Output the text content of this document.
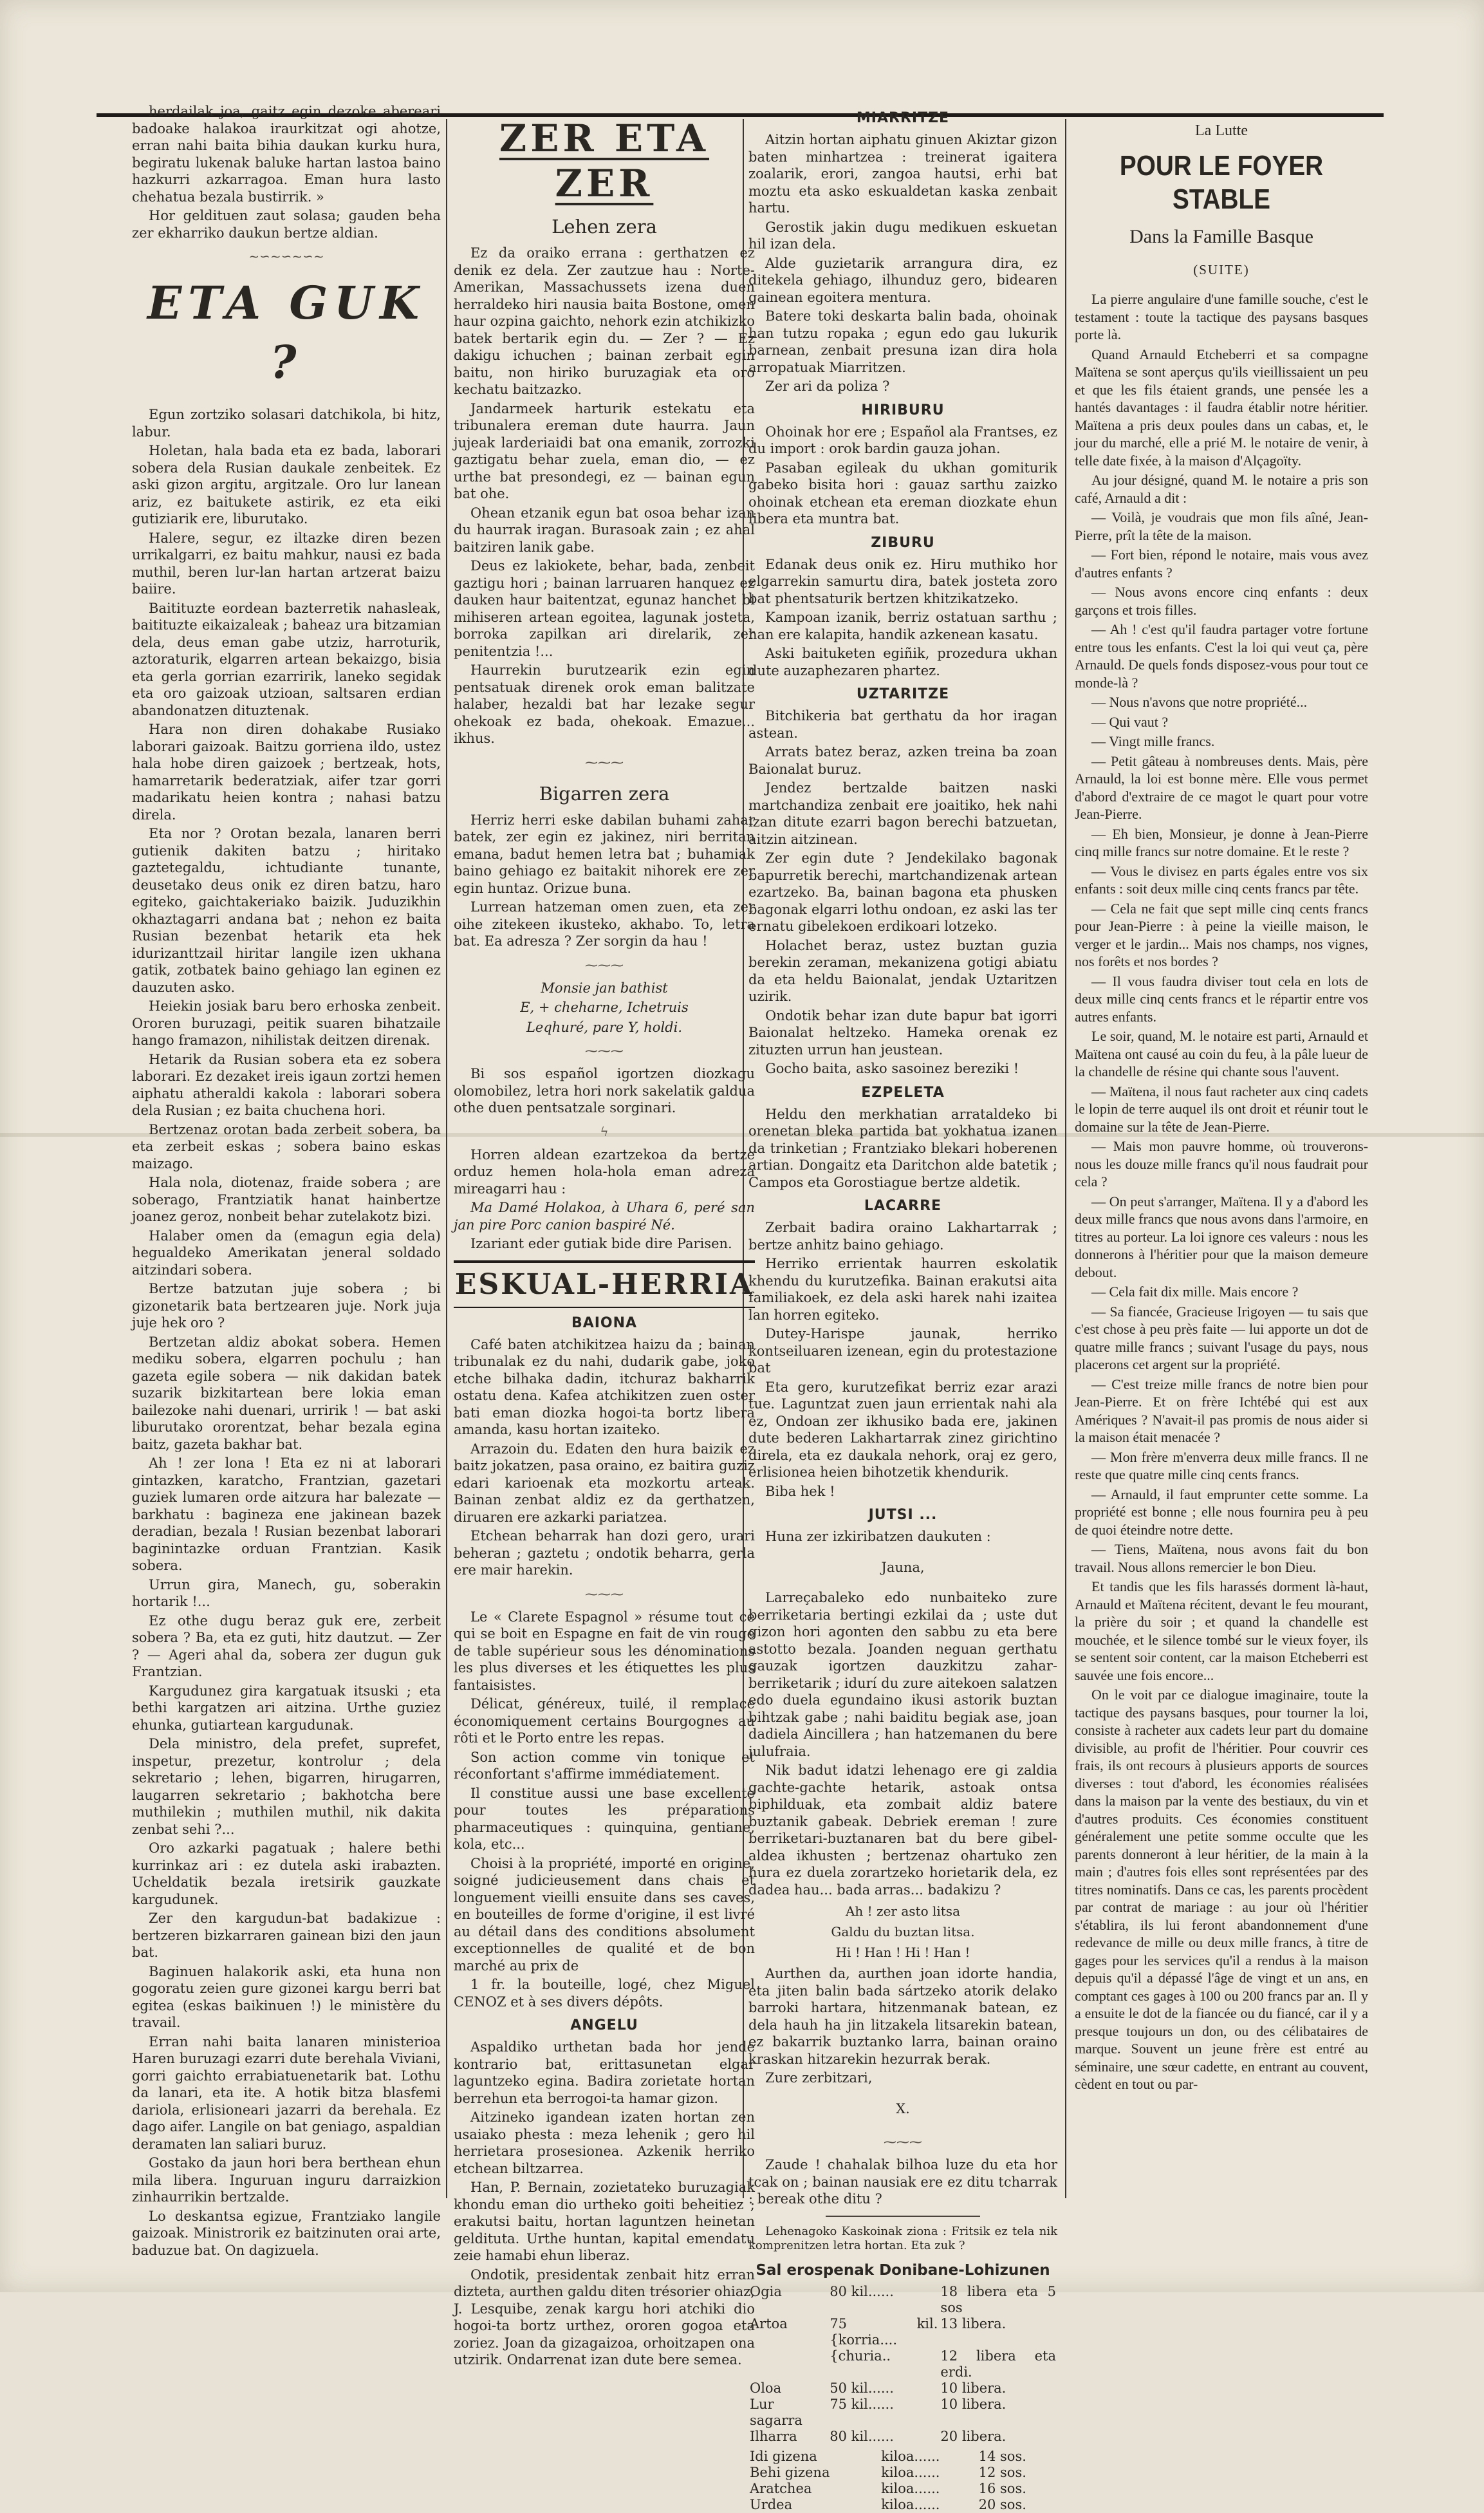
herdailak joa, gaitz egin dezoke abereari badoake halakoa iraurkitzat ogi ahotze, erran nahi baita bihia daukan kurku hura, begiratu lukenak baluke hartan lastoa baino hazkurri azkarragoa. Eman hura lasto chehatua bezala bustirrik. »

Hor geldituen zaut solasa; gauden beha zer ekharriko daukun bertze aldian.

~∽~∽~∽~
ETA GUK ?

Egun zortziko solasari datchikola, bi hitz, labur.

Holetan, hala bada eta ez bada, laborari sobera dela Rusian daukale zenbeitek. Ez aski gizon argitu, argitzale. Oro lur lanean ariz, ez baitukete astirik, ez eta eiki gutiziarik ere, liburutako.

Halere, segur, ez iltazke diren bezen urrikalgarri, ez baitu mahkur, nausi ez bada muthil, beren lur-lan hartan artzerat baizu baiire.

Baitituzte eordean bazterretik nahasleak, baitituzte eikaizaleak ; baheaz ura bitzamian dela, deus eman gabe utziz, harroturik, aztoraturik, elgarren artean bekaizgo, bisia eta gerla gorrian ezarririk, laneko segidak eta oro gaizoak utzioan, saltsaren erdian abandonatzen dituztenak.

Hara non diren dohakabe Rusiako laborari gaizoak. Baitzu gorriena ildo, ustez hala hobe diren gaizoek ; bertzeak, hots, hamarretarik bederatziak, aifer tzar gorri madarikatu heien kontra ; nahasi batzu direla.

Eta nor ? Orotan bezala, lanaren berri gutienik dakiten batzu ; hiritako gaztetegaldu, ichtudiante tunante, deusetako deus onik ez diren batzu, haro egiteko, gaichtakeriako baizik. Juduzikhin okhaztagarri andana bat ; nehon ez baita Rusian bezenbat hetarik eta hek idurizanttzail hiritar langile izen ukhana gatik, zotbatek baino gehiago lan eginen ez dauzuten asko.

Heiekin josiak baru bero erhoska zenbeit. Ororen buruzagi, peitik suaren bihatzaile hango framazon, nihilistak deitzen direnak.

Hetarik da Rusian sobera eta ez sobera laborari. Ez dezaket ireis igaun zortzi hemen aiphatu atheraldi kakola : laborari sobera dela Rusian ; ez baita chuchena hori.

Bertzenaz orotan bada zerbeit sobera, ba eta zerbeit eskas ; sobera baino eskas maizago.

Hala nola, diotenaz, fraide sobera ; are soberago, Frantziatik hanat hainbertze joanez geroz, nonbeit behar zutelakotz bizi.

Halaber omen da (emagun egia dela) hegualdeko Amerikatan jeneral soldado aitzindari sobera.

Bertze batzutan juje sobera ; bi gizonetarik bata bertzearen juje. Nork juja juje hek oro ?

Bertzetan aldiz abokat sobera. Hemen mediku sobera, elgarren pochulu ; han gazeta egile sobera — nik dakidan batek suzarik bizkitartean bere lokia eman bailezoke nahi duenari, urririk ! — bat aski liburutako ororentzat, behar bezala egina baitz, gazeta bakhar bat.

Ah ! zer lona ! Eta ez ni at laborari gintazken, karatcho, Frantzian, gazetari guziek lumaren orde aitzura har balezate — barkhatu : bagineza ene jakinean bazek deradian, bezala ! Rusian bezenbat laborari baginintazke orduan Frantzian. Kasik sobera.

Urrun gira, Manech, gu, soberakin hortarik !...

Ez othe dugu beraz guk ere, zerbeit sobera ? Ba, eta ez guti, hitz dautzut. — Zer ? — Ageri ahal da, sobera zer dugun guk Frantzian.

Kargudunez gira kargatuak itsuski ; eta bethi kargatzen ari aitzina. Urthe guziez ehunka, gutiartean kargudunak.

Dela ministro, dela prefet, suprefet, inspetur, prezetur, kontrolur ; dela sekretario ; lehen, bigarren, hirugarren, laugarren sekretario ; bakhotcha bere muthilekin ; muthilen muthil, nik dakita zenbat sehi ?...

Oro azkarki pagatuak ; halere bethi kurrinkaz ari : ez dutela aski irabazten. Ucheldatik bezala iretsirik gauzkate kargudunek.

Zer den kargudun-bat badakizue : bertzeren bizkarraren gainean bizi den jaun bat.

Baginuen halakorik aski, eta huna non gogoratu zeien gure gizonei kargu berri bat egitea (eskas baikinuen !) le ministère du travail.

Erran nahi baita lanaren ministerioa Haren buruzagi ezarri dute berehala Viviani, gorri gaichto errabiatuenetarik bat. Lothu da lanari, eta ite. A hotik bitza blasfemi dariola, erlisioneari jazarri da berehala. Ez dago aifer. Langile on bat geniago, aspaldian deramaten lan saliari buruz.

Gostako da jaun hori bera berthean ehun mila libera. Inguruan inguru darraizkion zinhaurrikin bertzalde.

Lo deskantsa egizue, Frantziako langile gaizoak. Ministrorik ez baitzinuten orai arte, baduzue bat. On dagizuela.

ZER ETA ZER
Lehen zera

Ez da oraiko errana : gerthatzen ez denik ez dela. Zer zautzue hau : Norte-Amerikan, Massachussets izena duen herraldeko hiri nausia baita Bostone, omen haur ozpina gaichto, nehork ezin atchikizko batek bertarik egin du. — Zer ? — Ez dakigu ichuchen ; bainan zerbait egin baitu, non hiriko buruzagiak eta oro kechatu baitzazko.

Jandarmeek harturik estekatu eta tribunalera ereman dute haurra. Jaun jujeak larderiaidi bat ona emanik, zorrozki gaztigatu behar zuela, eman dio, — ez urthe bat presondegi, ez — bainan egun bat ohe.

Ohean etzanik egun bat osoa behar izan du haurrak iragan. Burasoak zain ; ez ahal baitziren lanik gabe.

Deus ez lakiokete, behar, bada, zenbeit gaztigu hori ; bainan larruaren hanquez ez dauken haur baitentzat, egunaz hanchet bi mihiseren artean egoitea, lagunak josteta, borroka zapilkan ari direlarik, zer penitentzia !...

Haurrekin burutzearik ezin egin pentsatuak direnek orok eman balitzate halaber, hezaldi bat har lezake segur ohekoak ez bada, ohekoak. Emazue... ikhus.

⁓⁓⁓
Bigarren zera

Herriz herri eske dabilan buhami zahar batek, zer egin ez jakinez, niri berritan emana, badut hemen letra bat ; buhamiak baino gehiago ez baitakit nihorek ere zer egin huntaz. Orizue buna.

Lurrean hatzeman omen zuen, eta zer oihe zitekeen ikusteko, akhabo. To, letra bat. Ea adresza ? Zer sorgin da hau !

⁓⁓⁓

Monsie jan bathist

E, + cheharne, Ichetruis

Leqhuré, pare Y, holdi.

⁓⁓⁓

Bi sos español igortzen diozkagu olomobilez, letra hori nork sakelatik galdua othe duen pentsatzale sorginari.

ϟ

Horren aldean ezartzekoa da bertze orduz hemen hola-hola eman adreza mireagarri hau :

Ma Damé Holakoa, à Uhara 6, peré san jan pire Porc canion baspiré Né.

Izariant eder gutiak bide dire Parisen.

ESKUAL-HERRIA
BAIONA

Café baten atchikitzea haizu da ; bainan tribunalak ez du nahi, dudarik gabe, joko etche bilhaka dadin, itchuraz bakharrik ostatu dena. Kafea atchikitzen zuen oster bati eman diozka hogoi-ta bortz libera amanda, kasu hortan izaiteko.

Arrazoin du. Edaten den hura baizik ez baitz jokatzen, pasa oraino, ez baitira guziz edari karioenak eta mozkortu arteak. Bainan zenbat aldiz ez da gerthatzen, diruaren ere azkarki pariatzea.

Etchean beharrak han dozi gero, urari beheran ; gaztetu ; ondotik beharra, gerla ere mair harekin.

⁓⁓⁓

Le « Clarete Espagnol » résume tout ce qui se boit en Espagne en fait de vin rouge de table supérieur sous les dénominations les plus diverses et les étiquettes les plus fantaisistes.

Délicat, généreux, tuilé, il remplace économiquement certains Bourgognes au rôti et le Porto entre les repas.

Son action comme vin tonique et réconfortant s'affirme immédiatement.

Il constitue aussi une base excellente pour toutes les préparations pharmaceutiques : quinquina, gentiane, kola, etc...

Choisi à la propriété, importé en origine, soigné judicieusement dans chais et longuement vieilli ensuite dans ses caves, en bouteilles de forme d'origine, il est livré au détail dans des conditions absolument exceptionnelles de qualité et de bon marché au prix de

1 fr. la bouteille, logé, chez Miguel CENOZ et à ses divers dépôts.

ANGELU

Aspaldiko urthetan bada hor jende kontrario bat, erittasunetan elgar laguntzeko egina. Badira zorietate hortan berrehun eta berrogoi-ta hamar gizon.

Aitzineko igandean izaten hortan zen usaiako phesta : meza lehenik ; gero hil herrietara prosesionea. Azkenik herriko etchean biltzarrea.

Han, P. Bernain, zozietateko buruzagiak khondu eman dio urtheko goiti beheitiez ; erakutsi baitu, hortan laguntzen heinetan geldituta. Urthe huntan, kapital emendatu zeie hamabi ehun liberaz.

Ondotik, presidentak zenbait hitz erran dizteta, aurthen galdu diten trésorier ohiaz, J. Lesquibe, zenak kargu hori atchiki dio hogoi-ta bortz urthez, ororen gogoa eta zoriez. Joan da gizagaizoa, orhoitzapen ona utzirik. Ondarrenat izan dute bere semea.

MIARRITZE

Aitzin hortan aiphatu ginuen Akiztar gizon baten minhartzea : treinerat igaitera zoalarik, erori, zangoa hautsi, erhi bat moztu eta asko eskualdetan kaska zenbait hartu.

Gerostik jakin dugu medikuen eskuetan hil izan dela.

Alde guzietarik arrangura dira, ez ditekela gehiago, ilhunduz gero, bidearen gainean egoitera mentura.

Batere toki deskarta balin bada, ohoinak han tutzu ropaka ; egun edo gau lukurik barnean, zenbait presuna izan dira hola arropatuak Miarritzen.

Zer ari da poliza ?

HIRIBURU

Ohoinak hor ere ; Español ala Frantses, ez du import : orok bardin gauza johan.

Pasaban egileak du ukhan gomiturik gabeko bisita hori : gauaz sarthu zaizko ohoinak etchean eta ereman diozkate ehun libera eta muntra bat.

ZIBURU

Edanak deus onik ez. Hiru muthiko hor elgarrekin samurtu dira, batek josteta zoro bat phentsaturik bertzen khitzikatzeko.

Kampoan izanik, berriz ostatuan sarthu ; han ere kalapita, handik azkenean kasatu.

Aski baituketen egiñik, prozedura ukhan dute auzaphezaren phartez.

UZTARITZE

Bitchikeria bat gerthatu da hor iragan astean.

Arrats batez beraz, azken treina ba zoan Baionalat buruz.

Jendez bertzalde baitzen naski martchandiza zenbait ere joaitiko, hek nahi izan ditute ezarri bagon berechi batzuetan, aitzin aitzinean.

Zer egin dute ? Jendekilako bagonak bapurretik berechi, martchandizenak artean ezartzeko. Ba, bainan bagona eta phusken bagonak elgarri lothu ondoan, ez aski las ter ernatu gibelekoen erdikoari lotzeko.

Holachet beraz, ustez buztan guzia berekin zeraman, mekanizena gotigi abiatu da eta heldu Baionalat, jendak Uztaritzen uzirik.

Ondotik behar izan dute bapur bat igorri Baionalat heltzeko. Hameka orenak ez zituzten urrun han jeustean.

Gocho baita, asko sasoinez bereziki !

EZPELETA

Heldu den merkhatian arrataldeko bi orenetan bleka partida bat yokhatua izanen da trinketian ; Frantziako blekari hoberenen artian. Dongaitz eta Daritchon alde batetik ; Campos eta Gorostiague bertze aldetik.

LACARRE

Zerbait badira oraino Lakhartarrak ; bertze anhitz baino gehiago.

Herriko errientak haurren eskolatik khendu du kurutzefika. Bainan erakutsi aita familiakoek, ez dela aski harek nahi izaitea lan horren egiteko.

Dutey-Harispe jaunak, herriko kontseiluaren izenean, egin du protestazione bat

Eta gero, kurutzefikat berriz ezar arazi tue. Laguntzat zuen jaun errientak nahi ala ez, Ondoan zer ikhusiko bada ere, jakinen dute bederen Lakhartarrak zinez girichtino direla, eta ez daukala nehork, oraj ez gero, erlisionea heien bihotzetik khendurik.

Biba hek !

JUTSI ...

Huna zer izkiribatzen daukuten :

Jauna,

Larreçabaleko edo nunbaiteko zure berriketaria bertingi ezkilai da ; uste dut gizon hori agonten den sabbu zu eta bere astotto bezala. Joanden neguan gerthatu gauzak igortzen dauzkitzu zahar-berriketarik ; idurí du zure aitekoen salatzen edo duela egundaino ikusi astorik buztan bihtzak gabe ; nahi baiditu begiak ase, joan dadiela Aincillera ; han hatzemanen du bere julufraia.

Nik badut idatzi lehenago ere gi zaldia gachte-gachte hetarik, astoak ontsa biphilduak, eta zombait aldiz batere buztanik gabeak. Debriek ereman ! zure berriketari-buztanaren bat du bere gibel-aldea ikhusten ; bertzenaz ohartuko zen hura ez duela zorartzeko horietarik dela, ez dadea hau... bada arras... badakizu ?

Ah ! zer asto litsa

Galdu du buztan litsa.

Hi ! Han ! Hi ! Han !

Aurthen da, aurthen joan idorte handia, eta jiten balin bada sártzeko atorik delako barroki hartara, hitzenmanak batean, ez dela hauh ha jin litzakela litsarekin batean, ez bakarrik buztanko larra, bainan oraino kraskan hitzarekin hezurrak berak.

Zure zerbitzari,

X.

⁓⁓⁓

Zaude ! chahalak bilhoa luze du eta hor tcak on ; bainan nausiak ere ez ditu tcharrak : bereak othe ditu ?

Lehenagoko Kaskoinak ziona : Fritsik ez tela nik komprenitzen letra hortan. Eta zuk ?

Sal erospenak Donibane-Lohizunen
Ogia	80 kil......	18 libera eta 5 sos
Artoa	75 kil. {korria....	13 libera.
	{churia..	12 libera eta erdi.
Oloa	50 kil......	10 libera.
Lur sagarra	75 kil......	10 libera.
Ilharra	80 kil......	20 libera.
Idi gizena	kiloa......	14 sos.
Behi gizena	kiloa......	12 sos.
Aratchea	kiloa......	16 sos.
Urdea	kiloa......	20 sos.
La Lutte
POUR LE FOYER STABLE
Dans la Famille Basque
(SUITE)

La pierre angulaire d'une famille souche, c'est le testament : toute la tactique des paysans basques porte là.

Quand Arnauld Etcheberri et sa compagne Maïtena se sont aperçus qu'ils vieillissaient un peu et que les fils étaient grands, une pensée les a hantés davantages : il faudra établir notre héritier. Maïtena a pris deux poules dans un cabas, et, le jour du marché, elle a prié M. le notaire de venir, à telle date fixée, à la maison d'Alçagoïty.

Au jour désigné, quand M. le notaire a pris son café, Arnauld a dit :

— Voilà, je voudrais que mon fils aîné, Jean-Pierre, prît la tête de la maison.

— Fort bien, répond le notaire, mais vous avez d'autres enfants ?

— Nous avons encore cinq enfants : deux garçons et trois filles.

— Ah ! c'est qu'il faudra partager votre fortune entre tous les enfants. C'est la loi qui veut ça, père Arnauld. De quels fonds disposez-vous pour tout ce monde-là ?

— Nous n'avons que notre propriété...

— Qui vaut ?

— Vingt mille francs.

— Petit gâteau à nombreuses dents. Mais, père Arnauld, la loi est bonne mère. Elle vous permet d'abord d'extraire de ce magot le quart pour votre Jean-Pierre.

— Eh bien, Monsieur, je donne à Jean-Pierre cinq mille francs sur notre domaine. Et le reste ?

— Vous le divisez en parts égales entre vos six enfants : soit deux mille cinq cents francs par tête.

— Cela ne fait que sept mille cinq cents francs pour Jean-Pierre : à peine la vieille maison, le verger et le jardin... Mais nos champs, nos vignes, nos forêts et nos bordes ?

— Il vous faudra diviser tout cela en lots de deux mille cinq cents francs et le répartir entre vos autres enfants.

Le soir, quand, M. le notaire est parti, Arnauld et Maïtena ont causé au coin du feu, à la pâle lueur de la chandelle de résine qui chante sous l'auvent.

— Maïtena, il nous faut racheter aux cinq cadets le lopin de terre auquel ils ont droit et réunir tout le domaine sur la tête de Jean-Pierre.

— Mais mon pauvre homme, où trouverons-nous les douze mille francs qu'il nous faudrait pour cela ?

— On peut s'arranger, Maïtena. Il y a d'abord les deux mille francs que nous avons dans l'armoire, en titres au porteur. La loi ignore ces valeurs : nous les donnerons à l'héritier pour que la maison demeure debout.

— Cela fait dix mille. Mais encore ?

— Sa fiancée, Gracieuse Irigoyen — tu sais que c'est chose à peu près faite — lui apporte un dot de quatre mille francs ; suivant l'usage du pays, nous placerons cet argent sur la propriété.

— C'est treize mille francs de notre bien pour Jean-Pierre. Et on frère Ichtébé qui est aux Amériques ? N'avait-il pas promis de nous aider si la maison était menacée ?

— Mon frère m'enverra deux mille francs. Il ne reste que quatre mille cinq cents francs.

— Arnauld, il faut emprunter cette somme. La propriété est bonne ; elle nous fournira peu à peu de quoi éteindre notre dette.

— Tiens, Maïtena, nous avons fait du bon travail. Nous allons remercier le bon Dieu.

Et tandis que les fils harassés dorment là-haut, Arnauld et Maïtena récitent, devant le feu mourant, la prière du soir ; et quand la chandelle est mouchée, et le silence tombé sur le vieux foyer, ils se sentent soir content, car la maison Etcheberri est sauvée une fois encore...

On le voit par ce dialogue imaginaire, toute la tactique des paysans basques, pour tourner la loi, consiste à racheter aux cadets leur part du domaine divisible, au profit de l'héritier. Pour couvrir ces frais, ils ont recours à plusieurs apports de sources diverses : tout d'abord, les économies réalisées dans la maison par la vente des bestiaux, du vin et d'autres produits. Ces économies constituent généralement une petite somme occulte que les parents donneront à leur héritier, de la main à la main ; d'autres fois elles sont représentées par des titres nominatifs. Dans ce cas, les parents procèdent par contrat de mariage : au jour où l'héritier s'établira, ils lui feront abandonnement d'une redevance de mille ou deux mille francs, à titre de gages pour les services qu'il a rendus à la maison depuis qu'il a dépassé l'âge de vingt et un ans, en comptant ces gages à 100 ou 200 francs par an. Il y a ensuite le dot de la fiancée ou du fiancé, car il y a presque toujours un don, ou des célibataires de marque. Souvent un jeune frère est entré au séminaire, une sœur cadette, en entrant au couvent, cèdent en tout ou par-
